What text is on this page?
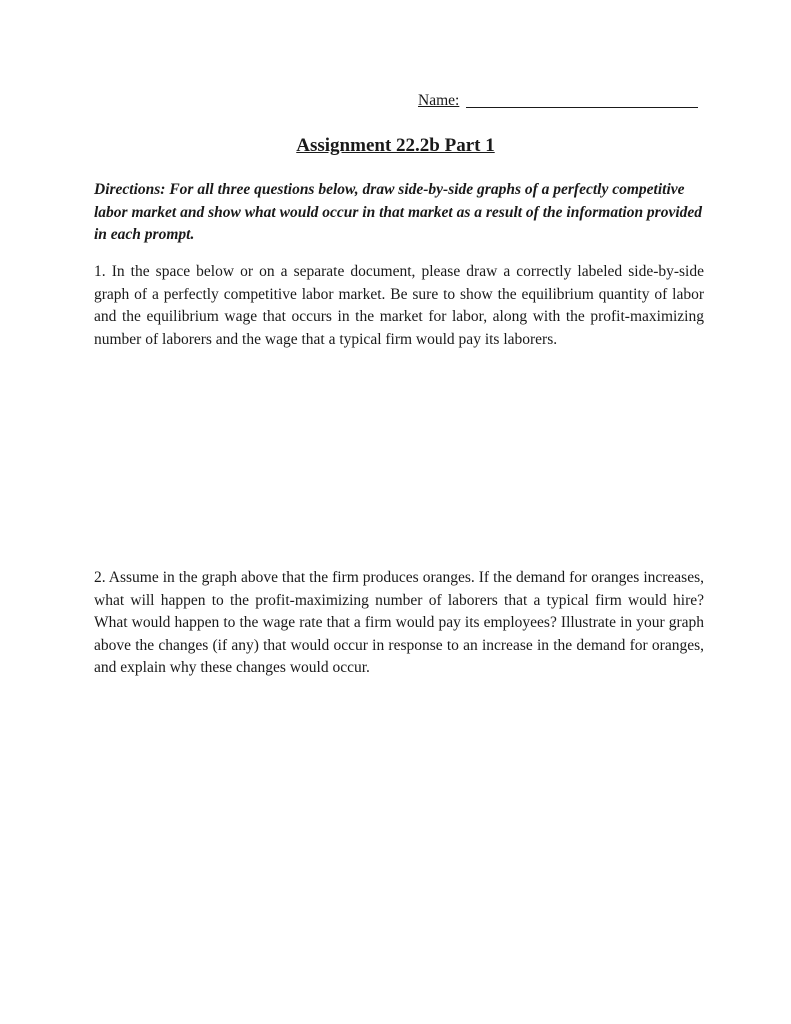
Name:
Assignment 22.2b Part 1
Directions: For all three questions below, draw side-by-side graphs of a perfectly competitive labor market and show what would occur in that market as a result of the information provided in each prompt.
1. In the space below or on a separate document, please draw a correctly labeled side-by-side graph of a perfectly competitive labor market. Be sure to show the equilibrium quantity of labor and the equilibrium wage that occurs in the market for labor, along with the profit-maximizing number of laborers and the wage that a typical firm would pay its laborers.
2. Assume in the graph above that the firm produces oranges. If the demand for oranges increases, what will happen to the profit-maximizing number of laborers that a typical firm would hire? What would happen to the wage rate that a firm would pay its employees? Illustrate in your graph above the changes (if any) that would occur in response to an increase in the demand for oranges, and explain why these changes would occur.
